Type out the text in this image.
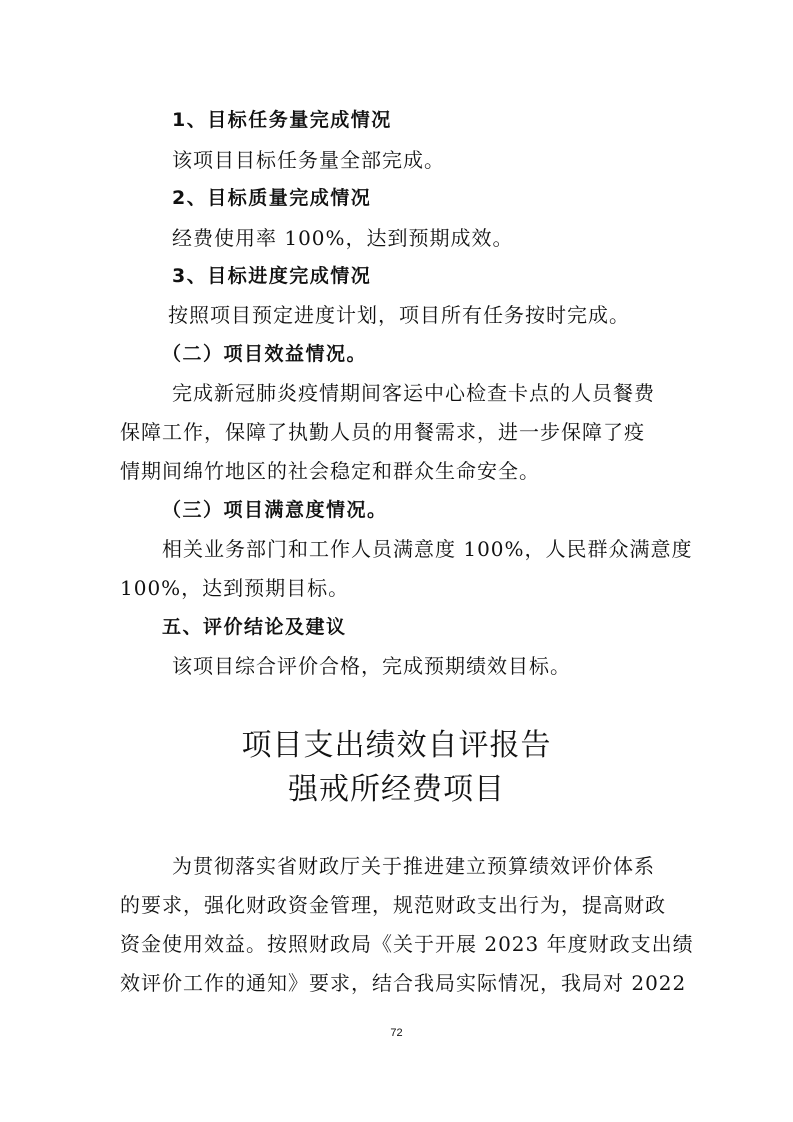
1、目标任务量完成情况
该项目目标任务量全部完成。
2、目标质量完成情况
经费使用率 100%，达到预期成效。
3、目标进度完成情况
按照项目预定进度计划，项目所有任务按时完成。
（二）项目效益情况。
完成新冠肺炎疫情期间客运中心检查卡点的人员餐费
保障工作，保障了执勤人员的用餐需求，进一步保障了疫
情期间绵竹地区的社会稳定和群众生命安全。
（三）项目满意度情况。
相关业务部门和工作人员满意度 100%，人民群众满意度
100%，达到预期目标。
五、评价结论及建议
该项目综合评价合格，完成预期绩效目标。
项目支出绩效自评报告
强戒所经费项目
为贯彻落实省财政厅关于推进建立预算绩效评价体系
的要求，强化财政资金管理，规范财政支出行为，提高财政
资金使用效益。按照财政局《关于开展 2023 年度财政支出绩
效评价工作的通知》要求，结合我局实际情况，我局对 2022
72
